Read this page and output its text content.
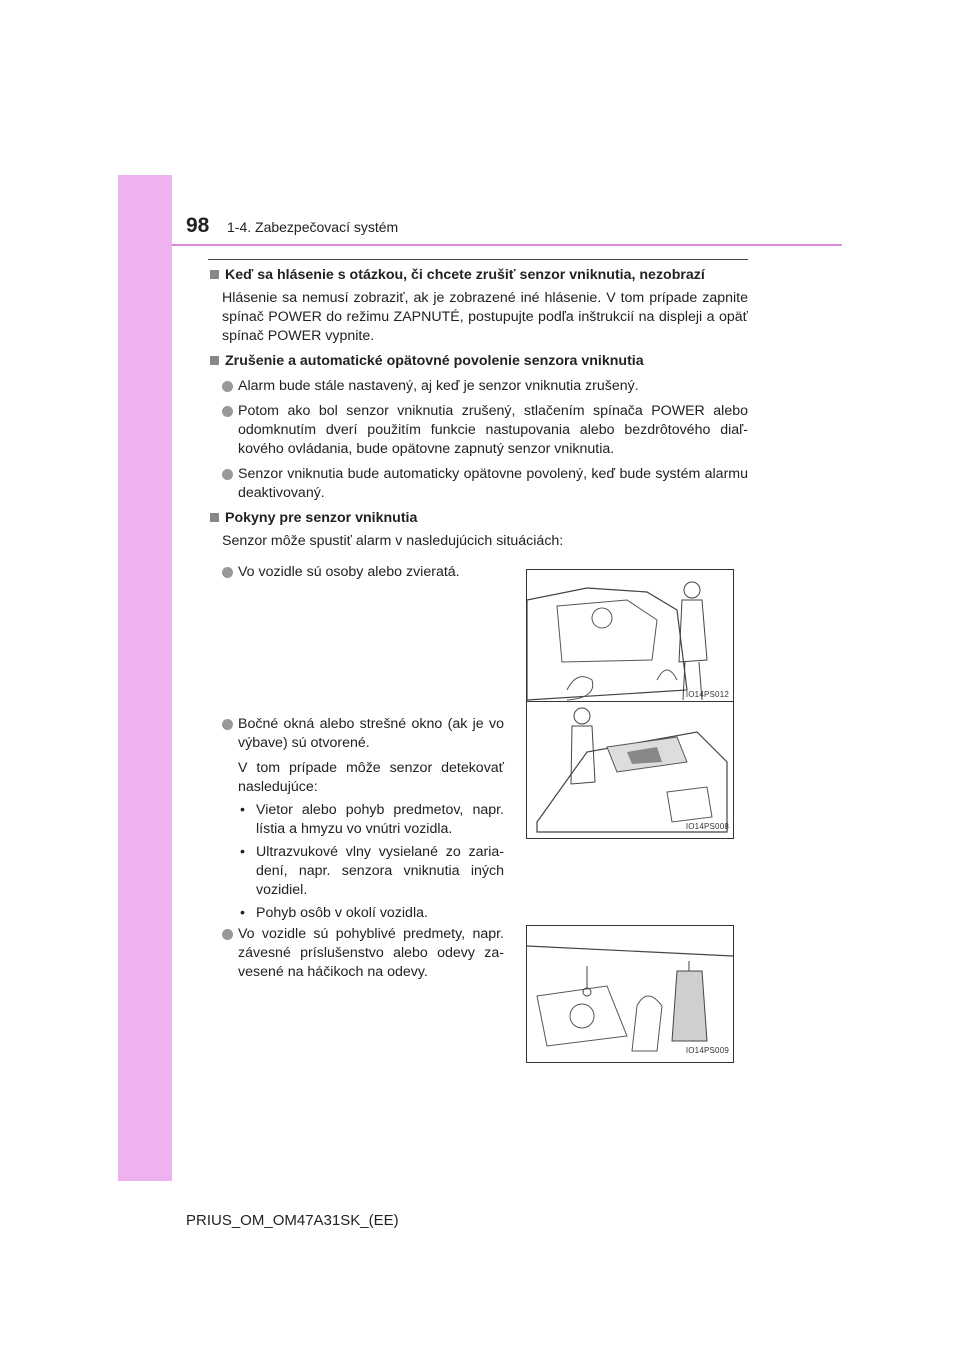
98 1-4. Zabezpečovací systém
Keď sa hlásenie s otázkou, či chcete zrušiť senzor vniknutia, nezobrazí
Hlásenie sa nemusí zobraziť, ak je zobrazené iné hlásenie. V tom prípade zapnite spínač POWER do režimu ZAPNUTÉ, postupujte podľa inštrukcií na displeji a opäť spínač POWER vypnite.
Zrušenie a automatické opätovné povolenie senzora vniknutia
Alarm bude stále nastavený, aj keď je senzor vniknutia zrušený.
Potom ako bol senzor vniknutia zrušený, stlačením spínača POWER alebo odomknutím dverí použitím funkcie nastupovania alebo bezdrôtového diaľ-kového ovládania, bude opätovne zapnutý senzor vniknutia.
Senzor vniknutia bude automaticky opätovne povolený, keď bude systém alarmu deaktivovaný.
Pokyny pre senzor vniknutia
Senzor môže spustiť alarm v nasledujúcich situáciách:
Vo vozidle sú osoby alebo zvieratá.
IO14PS012
Bočné okná alebo strešné okno (ak je vo výbave) sú otvorené.
V tom prípade môže senzor detekovať nasledujúce:
• Vietor alebo pohyb predmetov, napr. lístia a hmyzu vo vnútri vozidla.
• Ultrazvukové vlny vysielané zo zaria-dení, napr. senzora vniknutia iných vozidiel.
• Pohyb osôb v okolí vozidla.
IO14PS008
Vo vozidle sú pohyblivé predmety, napr. závesné príslušenstvo alebo odevy za-vesené na háčikoch na odevy.
IO14PS009
PRIUS_OM_OM47A31SK_(EE)
